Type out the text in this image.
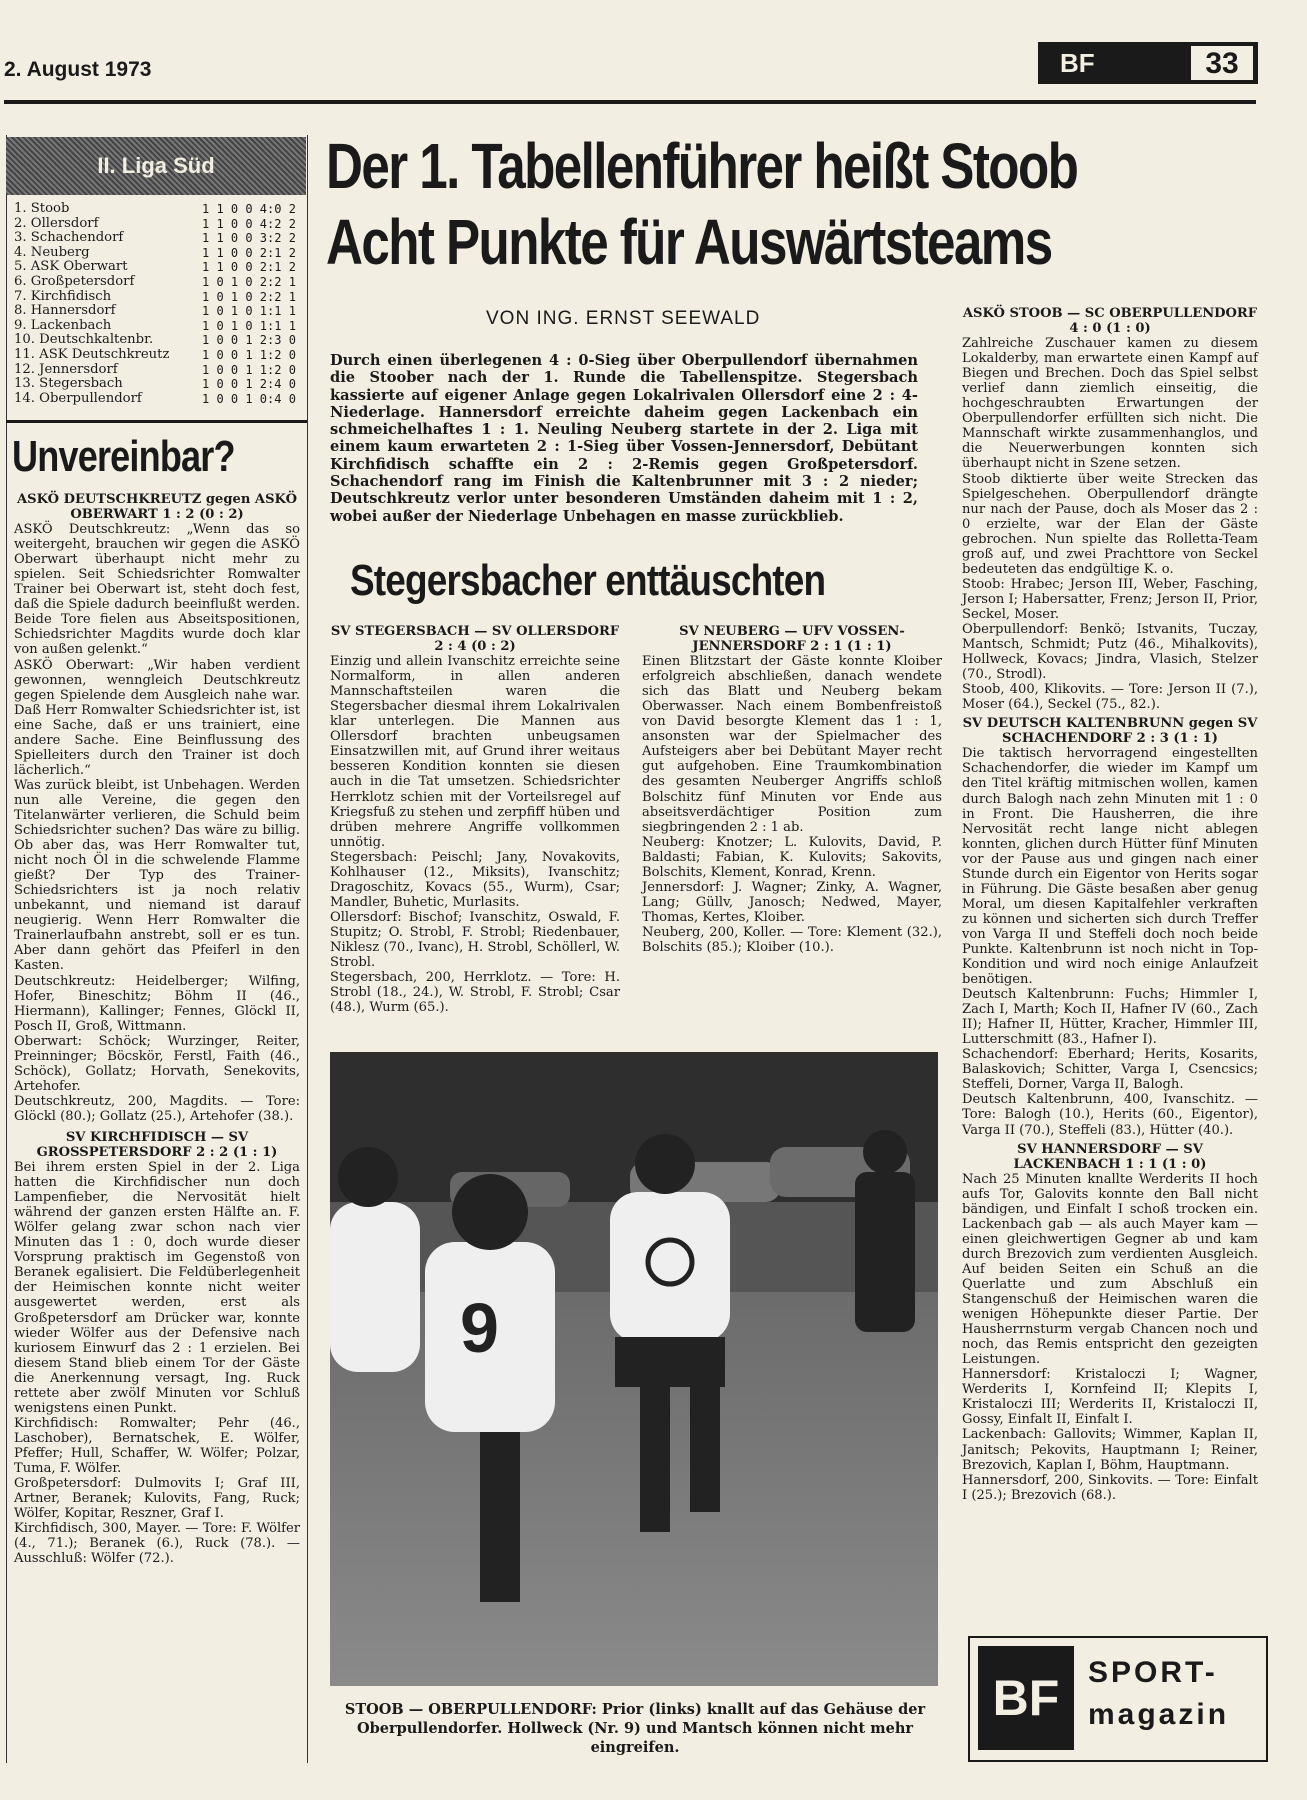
2. August 1973	BF	33
II. Liga Süd
1. Stoob	1 1 0 0 4:0 2
2. Ollersdorf	1 1 0 0 4:2 2
3. Schachendorf	1 1 0 0 3:2 2
4. Neuberg	1 1 0 0 2:1 2
5. ASK Oberwart	1 1 0 0 2:1 2
6. Großpetersdorf	1 0 1 0 2:2 1
7. Kirchfidisch	1 0 1 0 2:2 1
8. Hannersdorf	1 0 1 0 1:1 1
9. Lackenbach	1 0 1 0 1:1 1
10. Deutschkaltenbr.	1 0 0 1 2:3 0
11. ASK Deutschkreutz	1 0 0 1 1:2 0
12. Jennersdorf	1 0 0 1 1:2 0
13. Stegersbach	1 0 0 1 2:4 0
14. Oberpullendorf	1 0 0 1 0:4 0
Unvereinbar?

ASKÖ DEUTSCHKREUTZ gegen ASKÖ OBERWART 1 : 2 (0 : 2)

ASKÖ Deutschkreutz: „Wenn das so weitergeht, brauchen wir gegen die ASKÖ Oberwart überhaupt nicht mehr zu spielen. Seit Schiedsrichter Romwalter Trainer bei Oberwart ist, steht doch fest, daß die Spiele dadurch beeinflußt werden. Beide Tore fielen aus Abseitspositionen, Schiedsrichter Magdits wurde doch klar von außen gelenkt.“

ASKÖ Oberwart: „Wir haben verdient gewonnen, wenngleich Deutschkreutz gegen Spielende dem Ausgleich nahe war. Daß Herr Romwalter Schiedsrichter ist, ist eine Sache, daß er uns trainiert, eine andere Sache. Eine Beinflussung des Spielleiters durch den Trainer ist doch lächerlich.“

Was zurück bleibt, ist Unbehagen. Werden nun alle Vereine, die gegen den Titelanwärter verlieren, die Schuld beim Schiedsrichter suchen? Das wäre zu billig. Ob aber das, was Herr Romwalter tut, nicht noch Öl in die schwelende Flamme gießt? Der Typ des Trainer-Schiedsrichters ist ja noch relativ unbekannt, und niemand ist darauf neugierig. Wenn Herr Romwalter die Trainerlaufbahn anstrebt, soll er es tun. Aber dann gehört das Pfeiferl in den Kasten.

Deutschkreutz: Heidelberger; Wilfing, Hofer, Bineschitz; Böhm II (46., Hiermann), Kallinger; Fennes, Glöckl II, Posch II, Groß, Wittmann.

Oberwart: Schöck; Wurzinger, Reiter, Preinninger; Böcskör, Ferstl, Faith (46., Schöck), Gollatz; Horvath, Senekovits, Artehofer.

Deutschkreutz, 200, Magdits. — Tore: Glöckl (80.); Gollatz (25.), Artehofer (38.).

SV KIRCHFIDISCH — SV GROSSPETERSDORF 2 : 2 (1 : 1)

Bei ihrem ersten Spiel in der 2. Liga hatten die Kirchfidischer nun doch Lampenfieber, die Nervosität hielt während der ganzen ersten Hälfte an. F. Wölfer gelang zwar schon nach vier Minuten das 1 : 0, doch wurde dieser Vorsprung praktisch im Gegenstoß von Beranek egalisiert. Die Feldüberlegenheit der Heimischen konnte nicht weiter ausgewertet werden, erst als Großpetersdorf am Drücker war, konnte wieder Wölfer aus der Defensive nach kuriosem Einwurf das 2 : 1 erzielen. Bei diesem Stand blieb einem Tor der Gäste die Anerkennung versagt, Ing. Ruck rettete aber zwölf Minuten vor Schluß wenigstens einen Punkt.

Kirchfidisch: Romwalter; Pehr (46., Laschober), Bernatschek, E. Wölfer, Pfeffer; Hull, Schaffer, W. Wölfer; Polzar, Tuma, F. Wölfer.

Großpetersdorf: Dulmovits I; Graf III, Artner, Beranek; Kulovits, Fang, Ruck; Wölfer, Kopitar, Reszner, Graf I.

Kirchfidisch, 300, Mayer. — Tore: F. Wölfer (4., 71.); Beranek (6.), Ruck (78.). — Ausschluß: Wölfer (72.).

Der 1. Tabellenführer heißt Stoob
Acht Punkte für Auswärtsteams
VON ING. ERNST SEEWALD
Durch einen überlegenen 4 : 0-Sieg über Oberpullendorf übernahmen die Stoober nach der 1. Runde die Tabellenspitze. Stegersbach kassierte auf eigener Anlage gegen Lokalrivalen Ollersdorf eine 2 : 4-Niederlage. Hannersdorf erreichte daheim gegen Lackenbach ein schmeichelhaftes 1 : 1. Neuling Neuberg startete in der 2. Liga mit einem kaum erwarteten 2 : 1-Sieg über Vossen-Jennersdorf, Debütant Kirchfidisch schaffte ein 2 : 2-Remis gegen Großpetersdorf. Schachendorf rang im Finish die Kaltenbrunner mit 3 : 2 nieder; Deutschkreutz verlor unter besonderen Umständen daheim mit 1 : 2, wobei außer der Niederlage Unbehagen en masse zurückblieb.
Stegersbacher enttäuschten

SV STEGERSBACH — SV OLLERSDORF 2 : 4 (0 : 2)

Einzig und allein Ivanschitz erreichte seine Normalform, in allen anderen Mannschaftsteilen waren die Stegersbacher diesmal ihrem Lokalrivalen klar unterlegen. Die Mannen aus Ollersdorf brachten unbeugsamen Einsatzwillen mit, auf Grund ihrer weitaus besseren Kondition konnten sie diesen auch in die Tat umsetzen. Schiedsrichter Herrklotz schien mit der Vorteilsregel auf Kriegsfuß zu stehen und zerpfiff hüben und drüben mehrere Angriffe vollkommen unnötig.

Stegersbach: Peischl; Jany, Novakovits, Kohlhauser (12., Miksits), Ivanschitz; Dragoschitz, Kovacs (55., Wurm), Csar; Mandler, Buhetic, Murlasits.

Ollersdorf: Bischof; Ivanschitz, Oswald, F. Stupitz; O. Strobl, F. Strobl; Riedenbauer, Niklesz (70., Ivanc), H. Strobl, Schöllerl, W. Strobl.

Stegersbach, 200, Herrklotz. — Tore: H. Strobl (18., 24.), W. Strobl, F. Strobl; Csar (48.), Wurm (65.).

SV NEUBERG — UFV VOSSEN-JENNERSDORF 2 : 1 (1 : 1)

Einen Blitzstart der Gäste konnte Kloiber erfolgreich abschließen, danach wendete sich das Blatt und Neuberg bekam Oberwasser. Nach einem Bombenfreistoß von David besorgte Klement das 1 : 1, ansonsten war der Spielmacher des Aufsteigers aber bei Debütant Mayer recht gut aufgehoben. Eine Traumkombination des gesamten Neuberger Angriffs schloß Bolschitz fünf Minuten vor Ende aus abseitsverdächtiger Position zum siegbringenden 2 : 1 ab.

Neuberg: Knotzer; L. Kulovits, David, P. Baldasti; Fabian, K. Kulovits; Sakovits, Bolschits, Klement, Konrad, Krenn.

Jennersdorf: J. Wagner; Zinky, A. Wagner, Lang; Güllv, Janosch; Nedwed, Mayer, Thomas, Kertes, Kloiber.

Neuberg, 200, Koller. — Tore: Klement (32.), Bolschits (85.); Kloiber (10.).

9
STOOB — OBERPULLENDORF: Prior (links) knallt auf das Gehäuse der Oberpullendorfer. Hollweck (Nr. 9) und Mantsch können nicht mehr eingreifen.

ASKÖ STOOB — SC OBERPULLENDORF 4 : 0 (1 : 0)

Zahlreiche Zuschauer kamen zu diesem Lokalderby, man erwartete einen Kampf auf Biegen und Brechen. Doch das Spiel selbst verlief dann ziemlich einseitig, die hochgeschraubten Erwartungen der Oberpullendorfer erfüllten sich nicht. Die Mannschaft wirkte zusammenhanglos, und die Neuerwerbungen konnten sich überhaupt nicht in Szene setzen.

Stoob diktierte über weite Strecken das Spielgeschehen. Oberpullendorf drängte nur nach der Pause, doch als Moser das 2 : 0 erzielte, war der Elan der Gäste gebrochen. Nun spielte das Rolletta-Team groß auf, und zwei Prachttore von Seckel bedeuteten das endgültige K. o.

Stoob: Hrabec; Jerson III, Weber, Fasching, Jerson I; Habersatter, Frenz; Jerson II, Prior, Seckel, Moser.

Oberpullendorf: Benkö; Istvanits, Tuczay, Mantsch, Schmidt; Putz (46., Mihalkovits), Hollweck, Kovacs; Jindra, Vlasich, Stelzer (70., Strodl).

Stoob, 400, Klikovits. — Tore: Jerson II (7.), Moser (64.), Seckel (75., 82.).

SV DEUTSCH KALTENBRUNN gegen SV SCHACHENDORF 2 : 3 (1 : 1)

Die taktisch hervorragend eingestellten Schachendorfer, die wieder im Kampf um den Titel kräftig mitmischen wollen, kamen durch Balogh nach zehn Minuten mit 1 : 0 in Front. Die Hausherren, die ihre Nervosität recht lange nicht ablegen konnten, glichen durch Hütter fünf Minuten vor der Pause aus und gingen nach einer Stunde durch ein Eigentor von Herits sogar in Führung. Die Gäste besaßen aber genug Moral, um diesen Kapitalfehler verkraften zu können und sicherten sich durch Treffer von Varga II und Steffeli doch noch beide Punkte. Kaltenbrunn ist noch nicht in Top-Kondition und wird noch einige Anlaufzeit benötigen.

Deutsch Kaltenbrunn: Fuchs; Himmler I, Zach I, Marth; Koch II, Hafner IV (60., Zach II); Hafner II, Hütter, Kracher, Himmler III, Lutterschmitt (83., Hafner I).

Schachendorf: Eberhard; Herits, Kosarits, Balaskovich; Schitter, Varga I, Csencsics; Steffeli, Dorner, Varga II, Balogh.

Deutsch Kaltenbrunn, 400, Ivanschitz. — Tore: Balogh (10.), Herits (60., Eigentor), Varga II (70.), Steffeli (83.), Hütter (40.).

SV HANNERSDORF — SV LACKENBACH 1 : 1 (1 : 0)

Nach 25 Minuten knallte Werderits II hoch aufs Tor, Galovits konnte den Ball nicht bändigen, und Einfalt I schoß trocken ein. Lackenbach gab — als auch Mayer kam — einen gleichwertigen Gegner ab und kam durch Brezovich zum verdienten Ausgleich. Auf beiden Seiten ein Schuß an die Querlatte und zum Abschluß ein Stangenschuß der Heimischen waren die wenigen Höhepunkte dieser Partie. Der Hausherrnsturm vergab Chancen noch und noch, das Remis entspricht den gezeigten Leistungen.

Hannersdorf: Kristaloczi I; Wagner, Werderits I, Kornfeind II; Klepits I, Kristaloczi III; Werderits II, Kristaloczi II, Gossy, Einfalt II, Einfalt I.

Lackenbach: Gallovits; Wimmer, Kaplan II, Janitsch; Pekovits, Hauptmann I; Reiner, Brezovich, Kaplan I, Böhm, Hauptmann.

Hannersdorf, 200, Sinkovits. — Tore: Einfalt I (25.); Brezovich (68.).

BF SPORT-
magazin
